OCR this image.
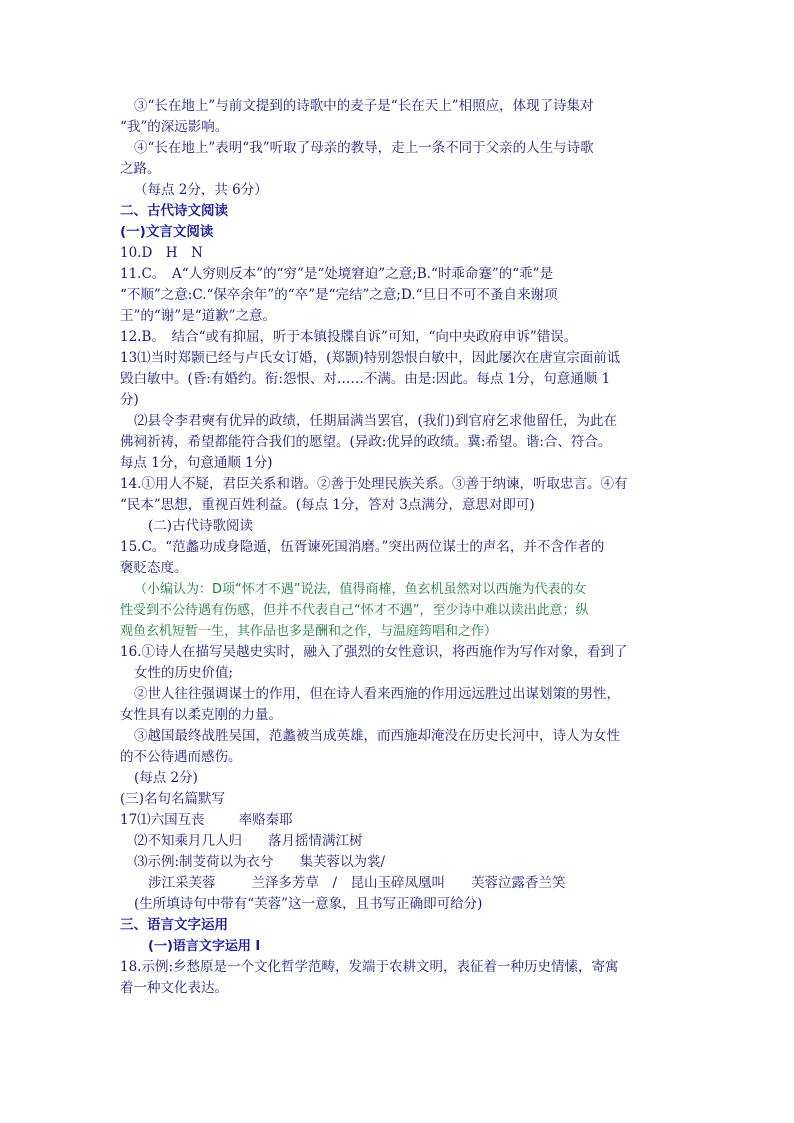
③“长在地上”与前文提到的诗歌中的麦子是“长在天上”相照应，体现了诗集对

“我”的深远影响。

④“长在地上”表明“我”听取了母亲的教导，走上一条不同于父亲的人生与诗歌

之路。

（每点 2分，共 6分）

二、古代诗文阅读

(一)文言文阅读

10.D　H　N

11.C。　A“人穷则反本”的“穷”是“处境窘迫”之意;B.“时乖命蹇”的“乖”是

“不顺”之意:C.“保卒余年”的“卒”是“完结”之意;D.“旦日不可不蚤自来谢项

王”的“谢”是“道歉”之意。

12.B。　结合“或有抑屈，听于本镇投牒自诉”可知，“向中央政府申诉”错误。

13⑴当时郑颢已经与卢氏女订婚，(郑颢)特别怨恨白敏中，因此屡次在唐宣宗面前诋

毁白敏中。(昏:有婚约。衔:怨恨、对……不满。由是:因此。每点 1分，句意通顺 1

分)

⑵县令李君奭有优异的政绩，任期届满当罢官，(我们)到官府乞求他留任，为此在

佛祠祈祷，希望都能符合我们的愿望。(异政:优异的政绩。冀:希望。谐:合、符合。

每点 1分，句意通顺 1分)

14.①用人不疑，君臣关系和谐。②善于处理民族关系。③善于纳谏，听取忠言。④有

“民本”思想，重视百姓利益。(每点 1分，答对 3点满分，意思对即可)

(二)古代诗歌阅读

15.C。“范蠡功成身隐遁，伍胥谏死国消磨。”突出两位谋士的声名，并不含作者的

褒贬态度。

（小编认为：D项“怀才不遇”说法，值得商榷，鱼玄机虽然对以西施为代表的女

性受到不公待遇有伤感，但并不代表自己“怀才不遇”，至少诗中难以读出此意；纵

观鱼玄机短暂一生，其作品也多是酬和之作，与温庭筠唱和之作）

16.①诗人在描写吴越史实时，融入了强烈的女性意识，将西施作为写作对象，看到了

女性的历史价值;

②世人往往强调谋士的作用，但在诗人看来西施的作用远远胜过出谋划策的男性，

女性具有以柔克刚的力量。

③越国最终战胜吴国，范蠡被当成英雄，而西施却淹没在历史长河中，诗人为女性

的不公待遇而感伤。

(每点 2分)

(三)名句名篇默写

17⑴六国互丧	率赂秦耶

⑵不知乘月几人归 落月摇情满江树

⑶示例:制芰荷以为衣兮 集芙蓉以为裳/

涉江采芙蓉	兰泽多芳草　/　昆山玉碎凤凰叫 芙蓉泣露香兰笑

(生所填诗句中带有“芙蓉”这一意象，且书写正确即可给分)

三、语言文字运用

(一)语言文字运用 I

18.示例:乡愁原是一个文化哲学范畴，发端于农耕文明，表征着一种历史情愫，寄寓

着一种文化表达。
